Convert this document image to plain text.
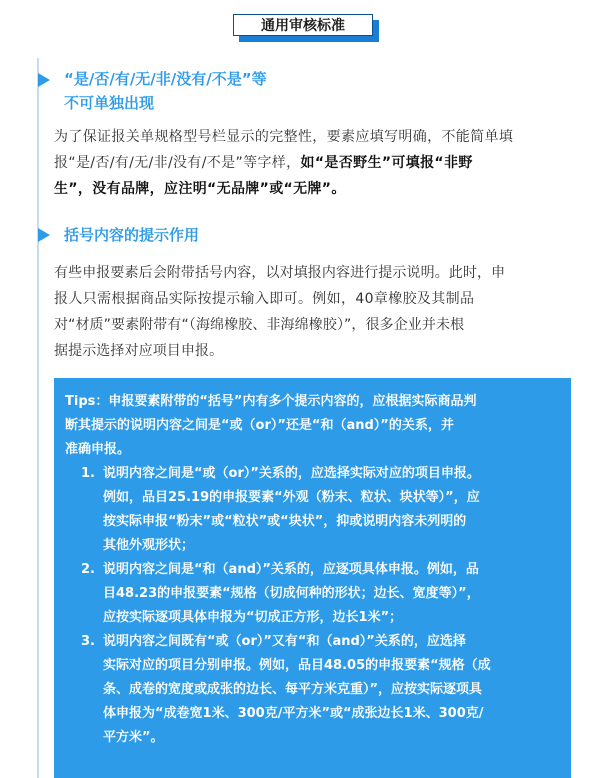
通用审核标准
“是/否/有/无/非/没有/不是”等
不可单独出现
为了保证报关单规格型号栏显示的完整性，要素应填写明确，不能简单填
报“是/否/有/无/非/没有/不是”等字样，如“是否野生”可填报“非野
生”，没有品牌，应注明“无品牌”或“无牌”。
括号内容的提示作用
有些申报要素后会附带括号内容，以对填报内容进行提示说明。此时，申
报人只需根据商品实际按提示输入即可。例如，40章橡胶及其制品
对“材质”要素附带有“（海绵橡胶、非海绵橡胶）”，很多企业并未根
据提示选择对应项目申报。
Tips：申报要素附带的“括号”内有多个提示内容的，应根据实际商品判
断其提示的说明内容之间是“或（or）”还是“和（and）”的关系，并
准确申报。
1. 说明内容之间是“或（or）”关系的，应选择实际对应的项目申报。
例如，品目25.19的申报要素“外观（粉末、粒状、块状等）”，应
按实际申报“粉末”或“粒状”或“块状”，抑或说明内容未列明的
其他外观形状；
2. 说明内容之间是“和（and）”关系的，应逐项具体申报。例如，品
目48.23的申报要素“规格（切成何种的形状；边长、宽度等）”，
应按实际逐项具体申报为“切成正方形，边长1米”；
3. 说明内容之间既有“或（or）”又有“和（and）”关系的，应选择
实际对应的项目分别申报。例如，品目48.05的申报要素“规格（成
条、成卷的宽度或成张的边长、每平方米克重）”，应按实际逐项具
体申报为“成卷宽1米、300克/平方米”或“成张边长1米、300克/
平方米”。
